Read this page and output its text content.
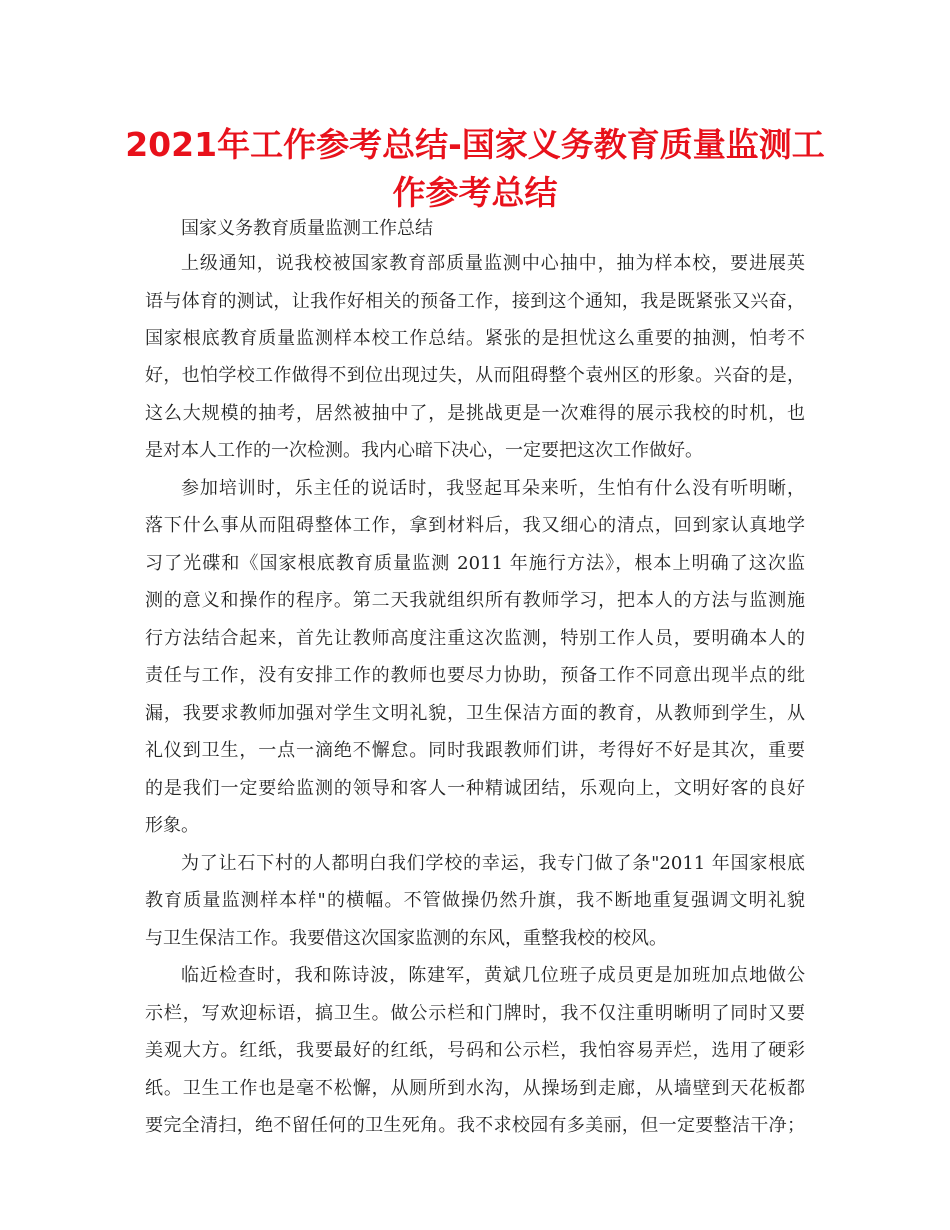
2021年工作参考总结-国家义务教育质量监测工
作参考总结
国家义务教育质量监测工作总结
上级通知，说我校被国家教育部质量监测中心抽中，抽为样本校，要进展英
语与体育的测试，让我作好相关的预备工作，接到这个通知，我是既紧张又兴奋，
国家根底教育质量监测样本校工作总结。紧张的是担忧这么重要的抽测，怕考不
好，也怕学校工作做得不到位出现过失，从而阻碍整个袁州区的形象。兴奋的是，
这么大规模的抽考，居然被抽中了，是挑战更是一次难得的展示我校的时机，也
是对本人工作的一次检测。我内心暗下决心，一定要把这次工作做好。
参加培训时，乐主任的说话时，我竖起耳朵来听，生怕有什么没有听明晰，
落下什么事从而阻碍整体工作，拿到材料后，我又细心的清点，回到家认真地学
习了光碟和《国家根底教育质量监测 2011 年施行方法》，根本上明确了这次监
测的意义和操作的程序。第二天我就组织所有教师学习，把本人的方法与监测施
行方法结合起来，首先让教师高度注重这次监测，特别工作人员，要明确本人的
责任与工作，没有安排工作的教师也要尽力协助，预备工作不同意出现半点的纰
漏，我要求教师加强对学生文明礼貌，卫生保洁方面的教育，从教师到学生，从
礼仪到卫生，一点一滴绝不懈怠。同时我跟教师们讲，考得好不好是其次，重要
的是我们一定要给监测的领导和客人一种精诚团结，乐观向上，文明好客的良好
形象。
为了让石下村的人都明白我们学校的幸运，我专门做了条"2011 年国家根底
教育质量监测样本样"的横幅。不管做操仍然升旗，我不断地重复强调文明礼貌
与卫生保洁工作。我要借这次国家监测的东风，重整我校的校风。
临近检查时，我和陈诗波，陈建军，黄斌几位班子成员更是加班加点地做公
示栏，写欢迎标语，搞卫生。做公示栏和门牌时，我不仅注重明晰明了同时又要
美观大方。红纸，我要最好的红纸，号码和公示栏，我怕容易弄烂，选用了硬彩
纸。卫生工作也是毫不松懈，从厕所到水沟，从操场到走廊，从墙壁到天花板都
要完全清扫，绝不留任何的卫生死角。我不求校园有多美丽，但一定要整洁干净；
